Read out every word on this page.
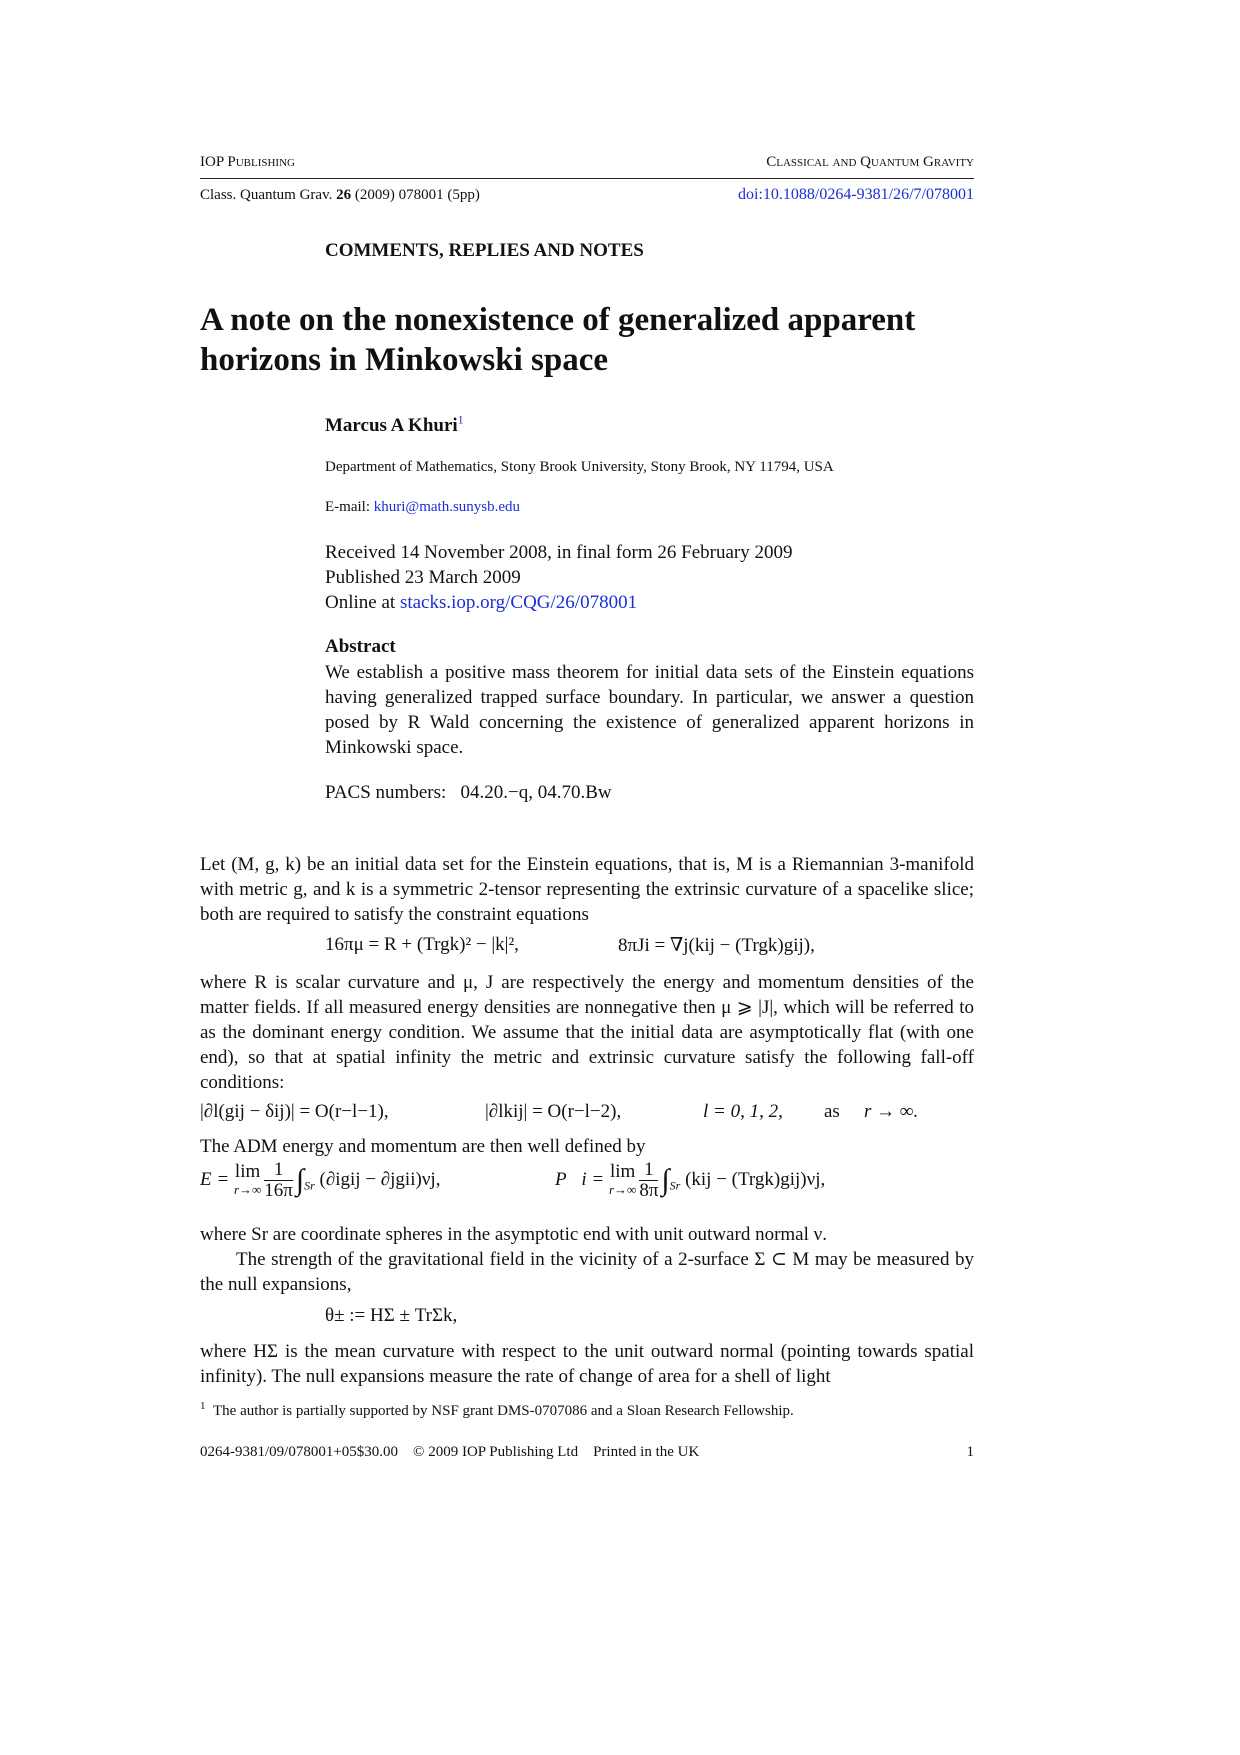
IOP Publishing	Classical and Quantum Gravity
Class. Quantum Grav. 26 (2009) 078001 (5pp)	doi:10.1088/0264-9381/26/7/078001
COMMENTS, REPLIES AND NOTES
A note on the nonexistence of generalized apparent
horizons in Minkowski space
Marcus A Khuri$^1$
Department of Mathematics, Stony Brook University, Stony Brook, NY 11794, USA
E-mail: khuri@math.sunysb.edu
Received 14 November 2008, in final form 26 February 2009
Published 23 March 2009
Online at stacks.iop.org/CQG/26/078001
Abstract
We establish a positive mass theorem for initial data sets of the Einstein equations having generalized trapped surface boundary. In particular, we answer a question posed by R Wald concerning the existence of generalized apparent horizons in Minkowski space.
PACS numbers:   04.20.−q, 04.70.Bw
Let (M, g, k) be an initial data set for the Einstein equations, that is, M is a Riemannian 3-manifold with metric g, and k is a symmetric 2-tensor representing the extrinsic curvature of a spacelike slice; both are required to satisfy the constraint equations
16πμ = R + (Trgk)² − |k|²,	8πJi = ∇j(kij − (Trgk)gij),
where R is scalar curvature and μ, J are respectively the energy and momentum densities of the matter fields. If all measured energy densities are nonnegative then μ ⩾ |J|, which will be referred to as the dominant energy condition. We assume that the initial data are asymptotically flat (with one end), so that at spatial infinity the metric and extrinsic curvature satisfy the following fall-off conditions:
|∂l(gij − δij)| = O(r−l−1),	|∂lkij| = O(r−l−2),	l = 0, 1, 2, as r → ∞.
The ADM energy and momentum are then well defined by
E = lim
$r\to\infty \frac{1}{16\pi} \int_{Sr}$ (∂igij − ∂jgii)νj,	P⃗i = lim
$r\to\infty \frac{1}{8\pi} \int_{Sr}$ (kij − (Trgk)gij)νj,
where Sr are coordinate spheres in the asymptotic end with unit outward normal ν.
The strength of the gravitational field in the vicinity of a 2-surface Σ ⊂ M may be measured by the null expansions,
θ± := HΣ ± TrΣk,
where HΣ is the mean curvature with respect to the unit outward normal (pointing towards spatial infinity). The null expansions measure the rate of change of area for a shell of light
$^1$ The author is partially supported by NSF grant DMS-0707086 and a Sloan Research Fellowship.
0264-9381/09/078001+05$30.00 © 2009 IOP Publishing Ltd Printed in the UK	1
